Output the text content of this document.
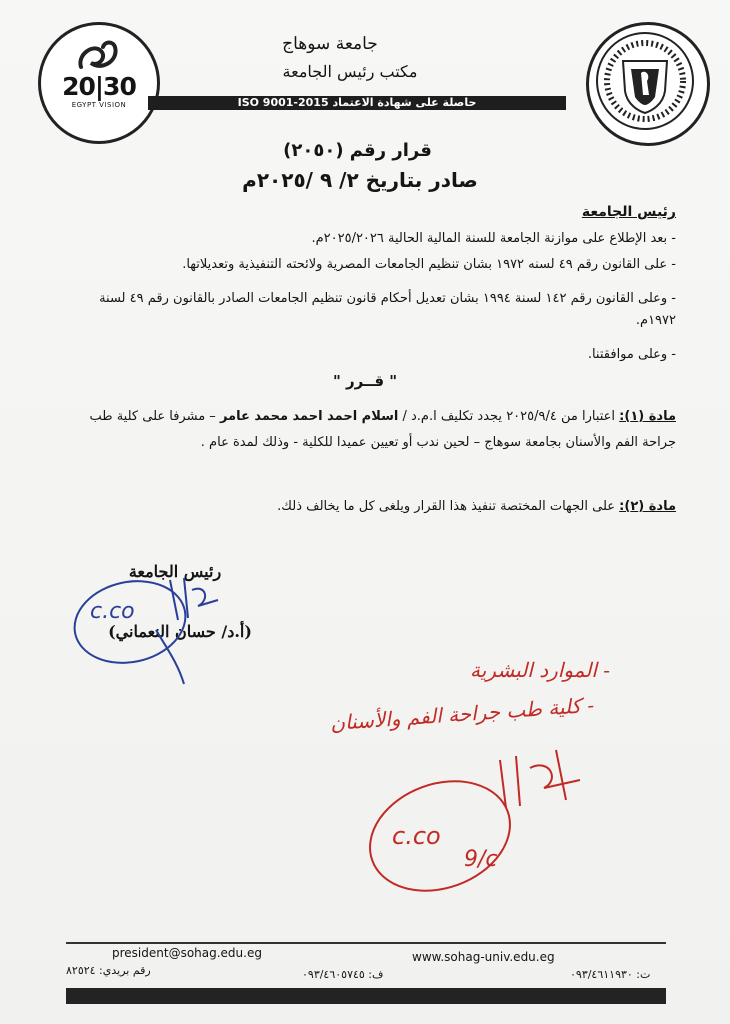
20|30
EGYPT VISION
جامعة سوهاج
مكتب رئيس الجامعة
حاصلة على شهادة الاعتماد ISO 9001-2015
قرار رقم (٢٠٥٠)
صادر بتاريخ ٢/ ٩ /٢٠٢٥م
رئيس الجامعة
- بعد الإطلاع على موازنة الجامعة للسنة المالية الحالية ٢٠٢٥/٢٠٢٦م.
- على القانون رقم ٤٩ لسنه ١٩٧٢ بشان تنظيم الجامعات المصرية ولائحته التنفيذية وتعديلاتها.
- وعلى القانون رقم ١٤٢ لسنة ١٩٩٤ بشان تعديل أحكام قانون تنظيم الجامعات الصادر بالقانون رقم ٤٩ لسنة ١٩٧٢م.
- وعلى موافقتنا.
" قــرر "
مادة (١): اعتبارا من ٢٠٢٥/٩/٤ يجدد تكليف ا.م.د / اسلام احمد احمد محمد عامر – مشرفا على كلية طب جراحة الفم والأسنان بجامعة سوهاج – لحين ندب أو تعيين عميدا للكلية - وذلك لمدة عام .
مادة (٢): على الجهات المختصة تنفيذ هذا القرار ويلغى كل ما يخالف ذلك.
رئيس الجامعة
(أ.د/ حسان النعماني)
c.co
- الموارد البشرية
- كلية طب جراحة الفم والأسنان
c.co
9/c
president@sohag.edu.eg	www.sohag-univ.edu.eg
ت: ٠٩٣/٤٦١١٩٣٠
ف: ٠٩٣/٤٦٠٥٧٤٥
رقم بريدي: ٨٢٥٢٤
